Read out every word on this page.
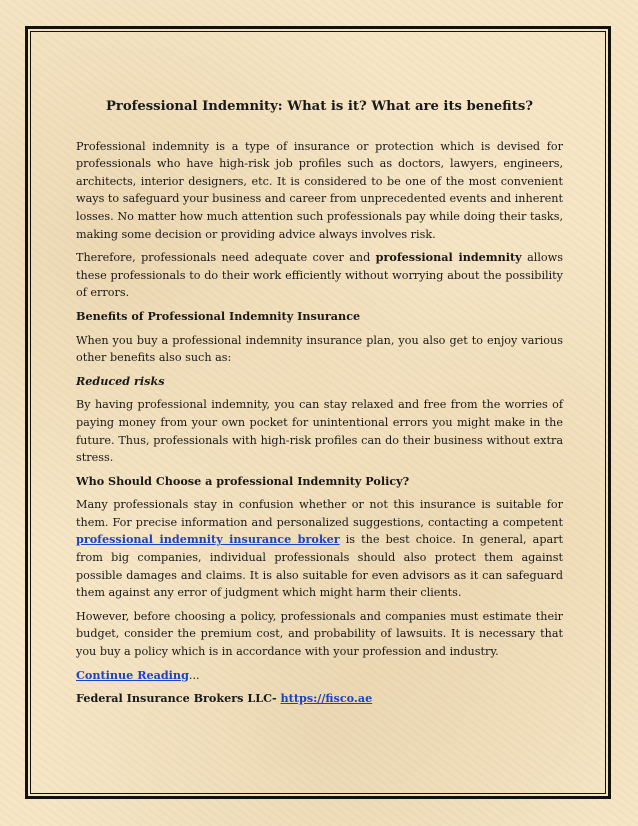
Professional Indemnity: What is it? What are its benefits?

Professional indemnity is a type of insurance or protection which is devised for professionals who have high-risk job profiles such as doctors, lawyers, engineers, architects, interior designers, etc. It is considered to be one of the most convenient ways to safeguard your business and career from unprecedented events and inherent losses. No matter how much attention such professionals pay while doing their tasks, making some decision or providing advice always involves risk.

Therefore, professionals need adequate cover and professional indemnity allows these professionals to do their work efficiently without worrying about the possibility of errors.

Benefits of Professional Indemnity Insurance

When you buy a professional indemnity insurance plan, you also get to enjoy various other benefits also such as:

Reduced risks

By having professional indemnity, you can stay relaxed and free from the worries of paying money from your own pocket for unintentional errors you might make in the future. Thus, professionals with high-risk profiles can do their business without extra stress.

Who Should Choose a professional Indemnity Policy?

Many professionals stay in confusion whether or not this insurance is suitable for them. For precise information and personalized suggestions, contacting a competent professional indemnity insurance broker is the best choice. In general, apart from big companies, individual professionals should also protect them against possible damages and claims. It is also suitable for even advisors as it can safeguard them against any error of judgment which might harm their clients.

However, before choosing a policy, professionals and companies must estimate their budget, consider the premium cost, and probability of lawsuits. It is necessary that you buy a policy which is in accordance with your profession and industry.

Continue Reading...

Federal Insurance Brokers LLC- https://fisco.ae
